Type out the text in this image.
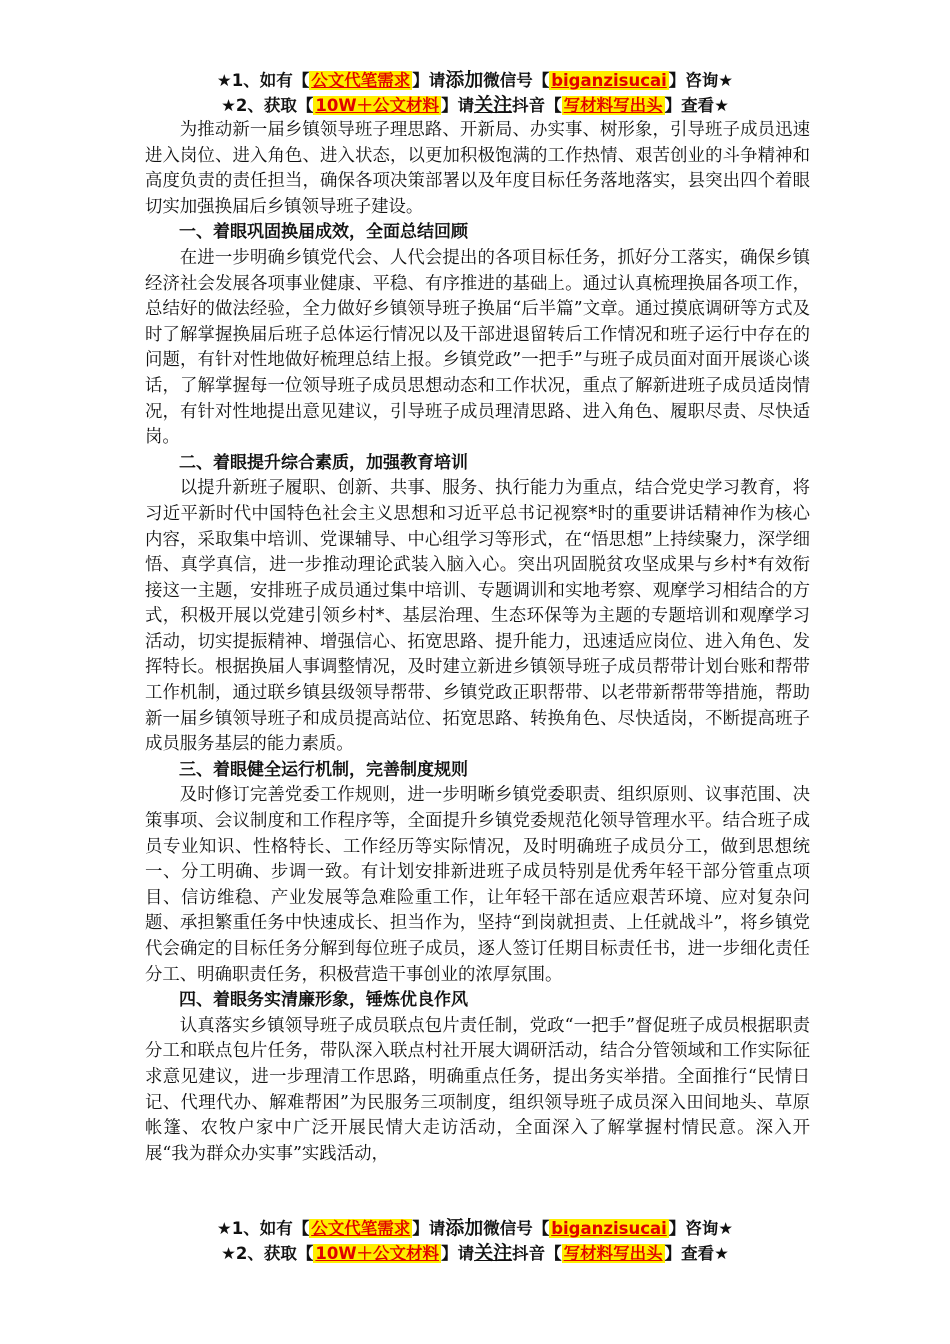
★1、如有【 公文代笔需求 】请添加微信号【 biganzisucai 】咨询★
★2、获取【 10W＋公文材料 】请关注抖音【 写材料写出头 】查看★

为推动新一届乡镇领导班子理思路、开新局、办实事、树形象，引导班子成员迅速进入岗位、进入角色、进入状态，以更加积极饱满的工作热情、艰苦创业的斗争精神和高度负责的责任担当，确保各项决策部署以及年度目标任务落地落实，县突出四个着眼切实加强换届后乡镇领导班子建设。

一、着眼巩固换届成效，全面总结回顾

在进一步明确乡镇党代会、人代会提出的各项目标任务，抓好分工落实，确保乡镇经济社会发展各项事业健康、平稳、有序推进的基础上。通过认真梳理换届各项工作，总结好的做法经验，全力做好乡镇领导班子换届“后半篇”文章。通过摸底调研等方式及时了解掌握换届后班子总体运行情况以及干部进退留转后工作情况和班子运行中存在的问题，有针对性地做好梳理总结上报。乡镇党政”一把手”与班子成员面对面开展谈心谈话，了解掌握每一位领导班子成员思想动态和工作状况，重点了解新进班子成员适岗情况，有针对性地提出意见建议，引导班子成员理清思路、进入角色、履职尽责、尽快适岗。

二、着眼提升综合素质，加强教育培训

以提升新班子履职、创新、共事、服务、执行能力为重点，结合党史学习教育，将习近平新时代中国特色社会主义思想和习近平总书记视察*时的重要讲话精神作为核心内容，采取集中培训、党课辅导、中心组学习等形式，在“悟思想”上持续聚力，深学细悟、真学真信，进一步推动理论武装入脑入心。突出巩固脱贫攻坚成果与乡村*有效衔接这一主题，安排班子成员通过集中培训、专题调训和实地考察、观摩学习相结合的方式，积极开展以党建引领乡村*、基层治理、生态环保等为主题的专题培训和观摩学习活动，切实提振精神、增强信心、拓宽思路、提升能力，迅速适应岗位、进入角色、发挥特长。根据换届人事调整情况，及时建立新进乡镇领导班子成员帮带计划台账和帮带工作机制，通过联乡镇县级领导帮带、乡镇党政正职帮带、以老带新帮带等措施，帮助新一届乡镇领导班子和成员提高站位、拓宽思路、转换角色、尽快适岗，不断提高班子成员服务基层的能力素质。

三、着眼健全运行机制，完善制度规则

及时修订完善党委工作规则，进一步明晰乡镇党委职责、组织原则、议事范围、决策事项、会议制度和工作程序等，全面提升乡镇党委规范化领导管理水平。结合班子成员专业知识、性格特长、工作经历等实际情况，及时明确班子成员分工，做到思想统一、分工明确、步调一致。有计划安排新进班子成员特别是优秀年轻干部分管重点项目、信访维稳、产业发展等急难险重工作，让年轻干部在适应艰苦环境、应对复杂问题、承担繁重任务中快速成长、担当作为，坚持“到岗就担责、上任就战斗”，将乡镇党代会确定的目标任务分解到每位班子成员，逐人签订任期目标责任书，进一步细化责任分工、明确职责任务，积极营造干事创业的浓厚氛围。

四、着眼务实清廉形象，锤炼优良作风

认真落实乡镇领导班子成员联点包片责任制，党政“一把手”督促班子成员根据职责分工和联点包片任务，带队深入联点村社开展大调研活动，结合分管领域和工作实际征求意见建议，进一步理清工作思路，明确重点任务，提出务实举措。全面推行“民情日记、代理代办、解难帮困”为民服务三项制度，组织领导班子成员深入田间地头、草原帐篷、农牧户家中广泛开展民情大走访活动，全面深入了解掌握村情民意。深入开展“我为群众办实事”实践活动，

★1、如有【 公文代笔需求 】请添加微信号【 biganzisucai 】咨询★
★2、获取【 10W＋公文材料 】请关注抖音【 写材料写出头 】查看★
